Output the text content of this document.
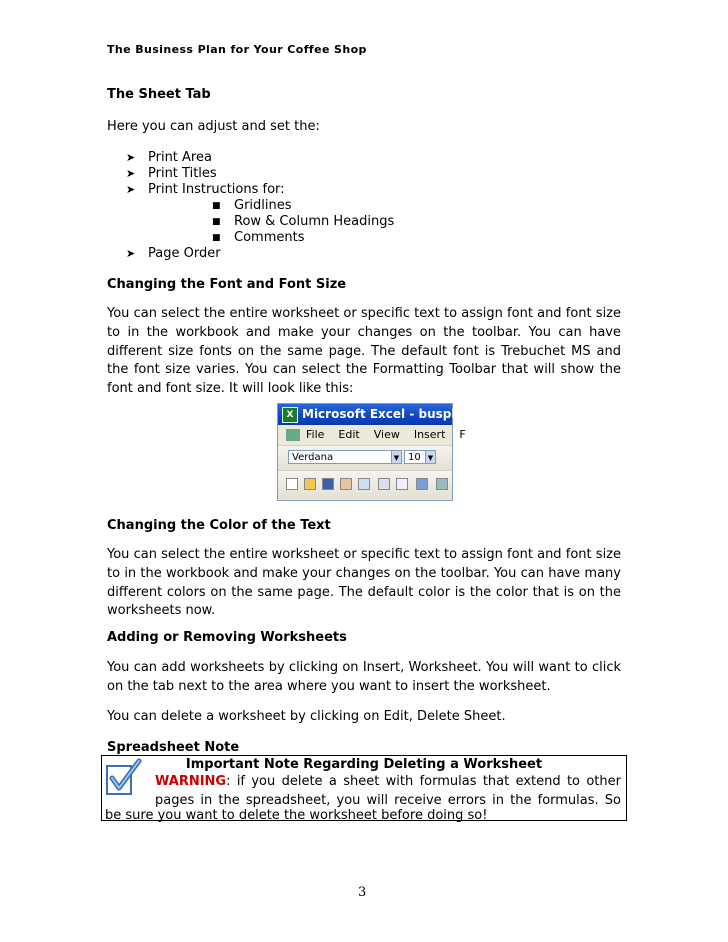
The Business Plan for Your Coffee Shop
The Sheet Tab
Here you can adjust and set the:
➤ Print Area
➤ Print Titles
➤ Print Instructions for:
■ Gridlines
■ Row & Column Headings
■ Comments
➤ Page Order
Changing the Font and Font Size
You can select the entire worksheet or specific text to assign font and font size to in the workbook and make your changes on the toolbar. You can have different size fonts on the same page. The default font is Trebuchet MS and the font size varies. You can select the Formatting Toolbar that will show the font and font size. It will look like this:
X Microsoft Excel - busplansp
File Edit View Insert F
Verdana	▼ 10	▼
Changing the Color of the Text
You can select the entire worksheet or specific text to assign font and font size to in the workbook and make your changes on the toolbar. You can have many different colors on the same page. The default color is the color that is on the worksheets now.
Adding or Removing Worksheets
You can add worksheets by clicking on Insert, Worksheet. You will want to click on the tab next to the area where you want to insert the worksheet.
You can delete a worksheet by clicking on Edit, Delete Sheet.
Spreadsheet Note
Important Note Regarding Deleting a Worksheet
WARNING: if you delete a sheet with formulas that extend to other
pages in the spreadsheet, you will receive errors in the formulas. So
be sure you want to delete the worksheet before doing so!
3
